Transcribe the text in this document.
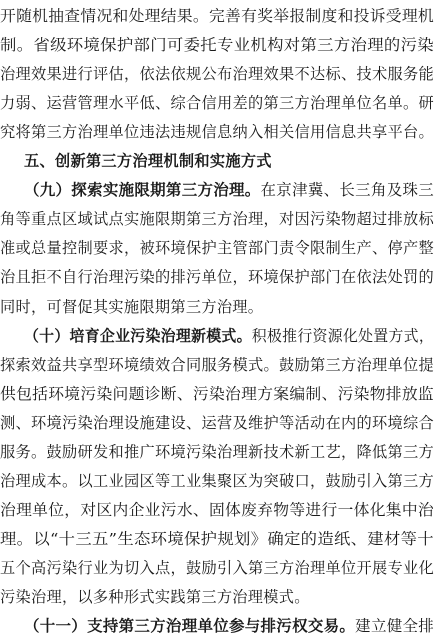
开随机抽查情况和处理结果。完善有奖举报制度和投诉受理机
制。省级环境保护部门可委托专业机构对第三方治理的污染
治理效果进行评估，依法依规公布治理效果不达标、技术服务能
力弱、运营管理水平低、综合信用差的第三方治理单位名单。研
究将第三方治理单位违法违规信息纳入相关信用信息共享平台。
五、创新第三方治理机制和实施方式
（九）探索实施限期第三方治理。在京津冀、长三角及珠三
角等重点区域试点实施限期第三方治理，对因污染物超过排放标
准或总量控制要求，被环境保护主管部门责令限制生产、停产整
治且拒不自行治理污染的排污单位，环境保护部门在依法处罚的
同时，可督促其实施限期第三方治理。
（十）培育企业污染治理新模式。积极推行资源化处置方式，
探索效益共享型环境绩效合同服务模式。鼓励第三方治理单位提
供包括环境污染问题诊断、污染治理方案编制、污染物排放监
测、环境污染治理设施建设、运营及维护等活动在内的环境综合
服务。鼓励研发和推广环境污染治理新技术新工艺，降低第三方
治理成本。以工业园区等工业集聚区为突破口，鼓励引入第三方
治理单位，对区内企业污水、固体废弃物等进行一体化集中治
理。以“十三五”生态环境保护规划》确定的造纸、建材等十
五个高污染行业为切入点，鼓励引入第三方治理单位开展专业化
污染治理，以多种形式实践第三方治理模式。
（十一）支持第三方治理单位参与排污权交易。建立健全排
